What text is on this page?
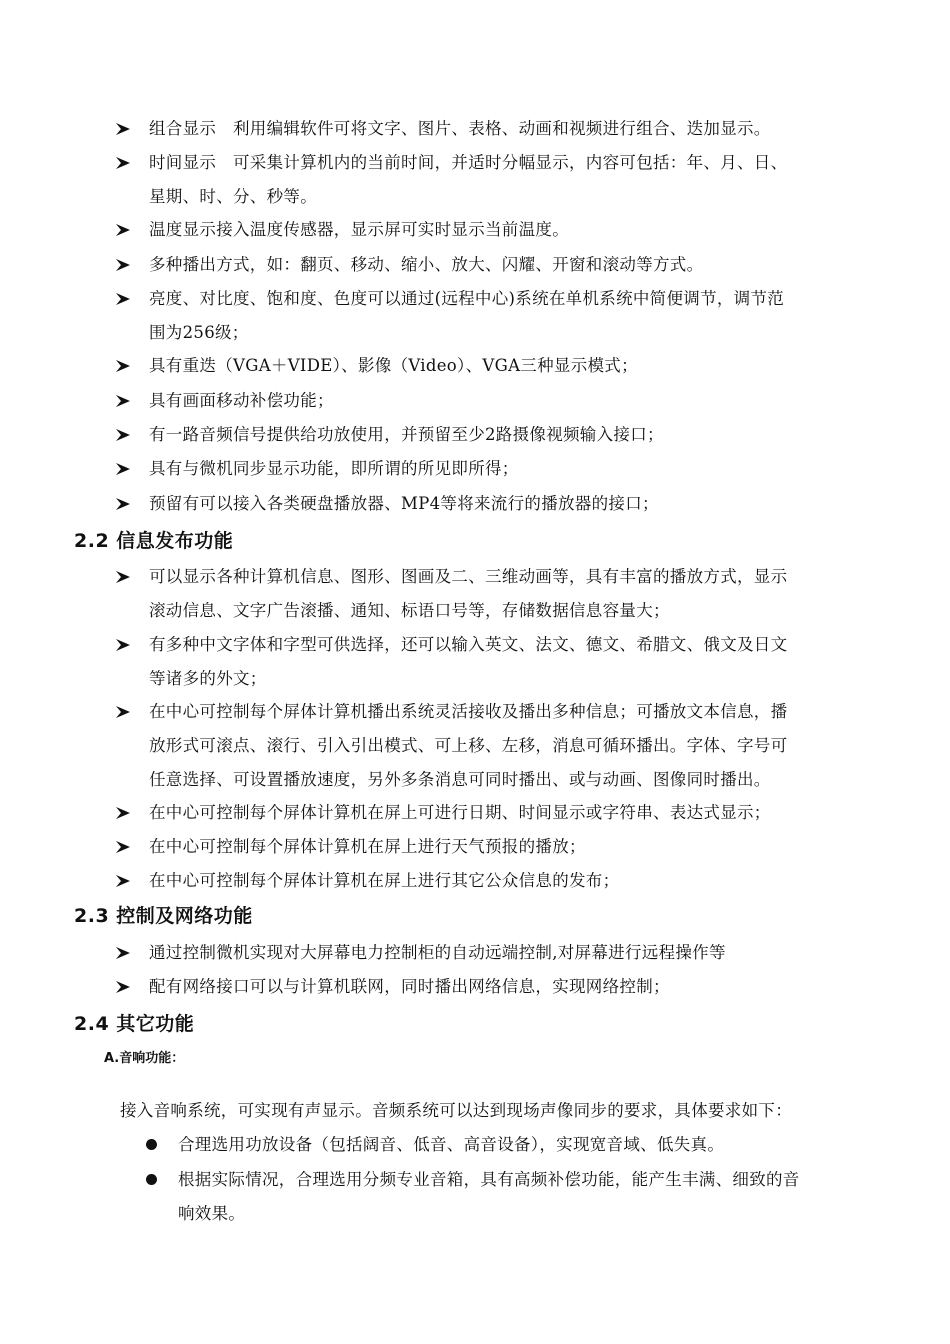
组合显示　利用编辑软件可将文字、图片、表格、动画和视频进行组合、迭加显示。
时间显示　可采集计算机内的当前时间，并适时分幅显示，内容可包括：年、月、日、
星期、时、分、秒等。
温度显示接入温度传感器，显示屏可实时显示当前温度。
多种播出方式，如：翻页、移动、缩小、放大、闪耀、开窗和滚动等方式。
亮度、对比度、饱和度、色度可以通过(远程中心)系统在单机系统中简便调节，调节范
围为256级；
具有重迭（VGA＋VIDE）、影像（Video）、VGA三种显示模式；
具有画面移动补偿功能；
有一路音频信号提供给功放使用，并预留至少2路摄像视频输入接口；
具有与微机同步显示功能，即所谓的所见即所得；
预留有可以接入各类硬盘播放器、MP4等将来流行的播放器的接口；
2.2 信息发布功能
可以显示各种计算机信息、图形、图画及二、三维动画等，具有丰富的播放方式，显示
滚动信息、文字广告滚播、通知、标语口号等，存储数据信息容量大；
有多种中文字体和字型可供选择，还可以输入英文、法文、德文、希腊文、俄文及日文
等诸多的外文；
在中心可控制每个屏体计算机播出系统灵活接收及播出多种信息；可播放文本信息，播
放形式可滚点、滚行、引入引出模式、可上移、左移，消息可循环播出。字体、字号可
任意选择、可设置播放速度，另外多条消息可同时播出、或与动画、图像同时播出。
在中心可控制每个屏体计算机在屏上可进行日期、时间显示或字符串、表达式显示；
在中心可控制每个屏体计算机在屏上进行天气预报的播放；
在中心可控制每个屏体计算机在屏上进行其它公众信息的发布；
2.3 控制及网络功能
通过控制微机实现对大屏幕电力控制柜的自动远端控制,对屏幕进行远程操作等
配有网络接口可以与计算机联网，同时播出网络信息，实现网络控制；
2.4 其它功能
A.音响功能：
接入音响系统，可实现有声显示。音频系统可以达到现场声像同步的要求，具体要求如下：
合理选用功放设备（包括阔音、低音、高音设备），实现宽音域、低失真。
根据实际情况，合理选用分频专业音箱，具有高频补偿功能，能产生丰满、细致的音
响效果。
